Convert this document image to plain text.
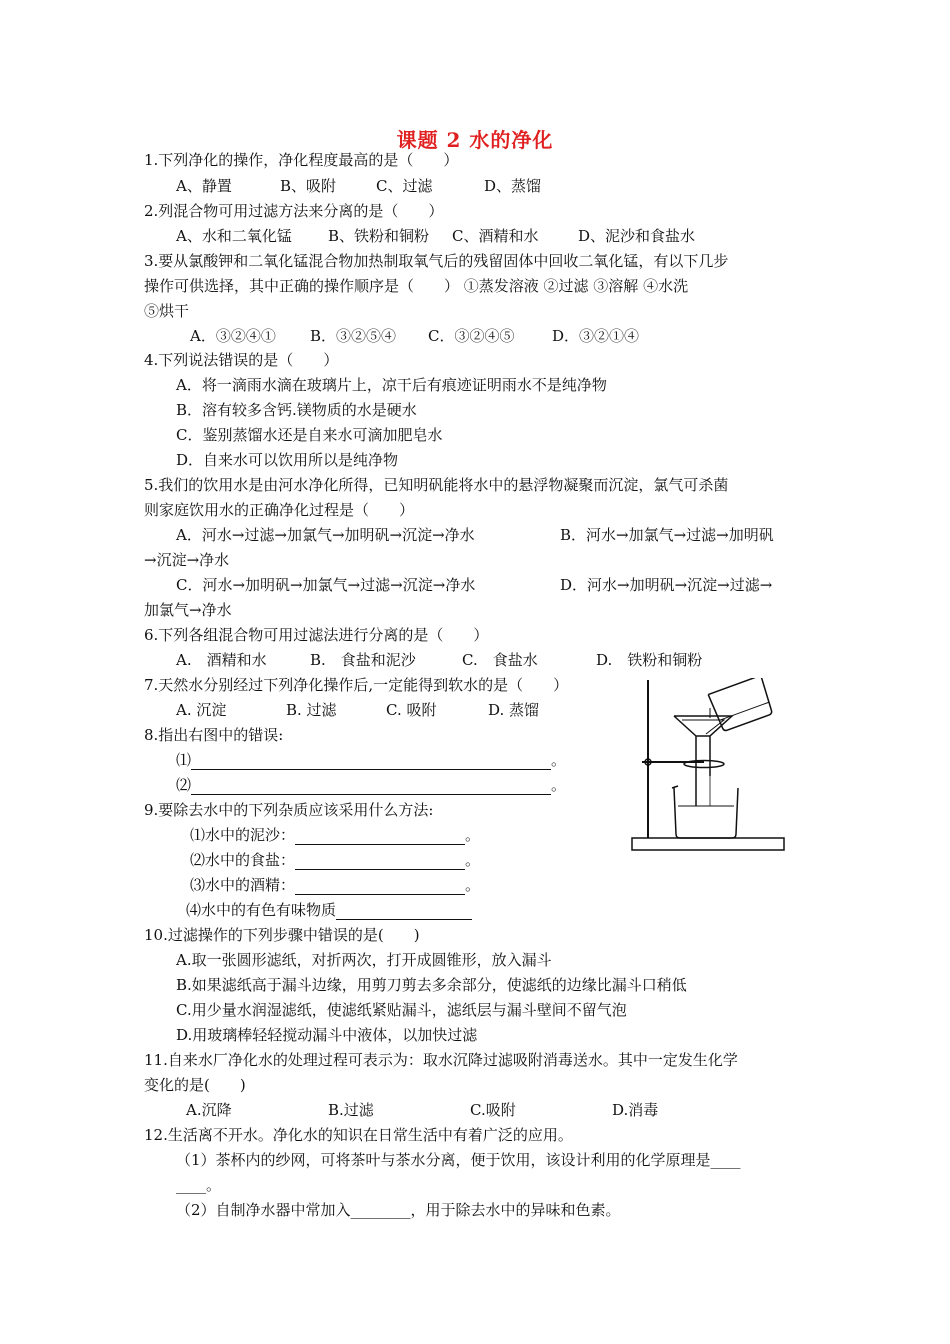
课题 2 水的净化
1.下列净化的操作，净化程度最高的是（　　）
A、静置	B、吸附	C、过滤	D、蒸馏
2.列混合物可用过滤方法来分离的是（　　）
A、水和二氧化锰 B、铁粉和铜粉 C、酒精和水	D、泥沙和食盐水
3.要从氯酸钾和二氧化锰混合物加热制取氧气后的残留固体中回收二氧化锰，有以下几步
操作可供选择，其中正确的操作顺序是（　　） ①蒸发溶液 ②过滤 ③溶解 ④水洗
⑤烘干
A．③②④① B．③②⑤④ C．③②④⑤	D．③②①④
4.下列说法错误的是（　　）
A．将一滴雨水滴在玻璃片上，凉干后有痕迹证明雨水不是纯净物
B．溶有较多含钙.镁物质的水是硬水
C．鉴别蒸馏水还是自来水可滴加肥皂水
D．自来水可以饮用所以是纯净物
5.我们的饮用水是由河水净化所得，已知明矾能将水中的悬浮物凝聚而沉淀，氯气可杀菌
则家庭饮用水的正确净化过程是（　　）
A．河水→过滤→加氯气→加明矾→沉淀→净水	B．河水→加氯气→过滤→加明矾
→沉淀→净水
C．河水→加明矾→加氯气→过滤→沉淀→净水	D．河水→加明矾→沉淀→过滤→
加氯气→净水
6.下列各组混合物可用过滤法进行分离的是（　　）
A.　酒精和水	B.　食盐和泥沙	C.　食盐水	D.　铁粉和铜粉
7.天然水分别经过下列净化操作后,一定能得到软水的是（　　）
A. 沉淀	B. 过滤	C. 吸附	D. 蒸馏
8.指出右图中的错误:
⑴	。
⑵	。
9.要除去水中的下列杂质应该采用什么方法:
⑴水中的泥沙：	。
⑵水中的食盐：	。
⑶水中的酒精：	。
⑷水中的有色有味物质
10.过滤操作的下列步骤中错误的是(　　)
A.取一张圆形滤纸，对折两次，打开成圆锥形，放入漏斗
B.如果滤纸高于漏斗边缘，用剪刀剪去多余部分，使滤纸的边缘比漏斗口稍低
C.用少量水润湿滤纸，使滤纸紧贴漏斗，滤纸层与漏斗壁间不留气泡
D.用玻璃棒轻轻搅动漏斗中液体，以加快过滤
11.自来水厂净化水的处理过程可表示为：取水沉降过滤吸附消毒送水。其中一定发生化学
变化的是(　　)
A.沉降	B.过滤	C.吸附	D.消毒
12.生活离不开水。净化水的知识在日常生活中有着广泛的应用。
（1）茶杯内的纱网，可将茶叶与茶水分离，便于饮用，该设计利用的化学原理是____
____。
（2）自制净水器中常加入________，用于除去水中的异味和色素。
